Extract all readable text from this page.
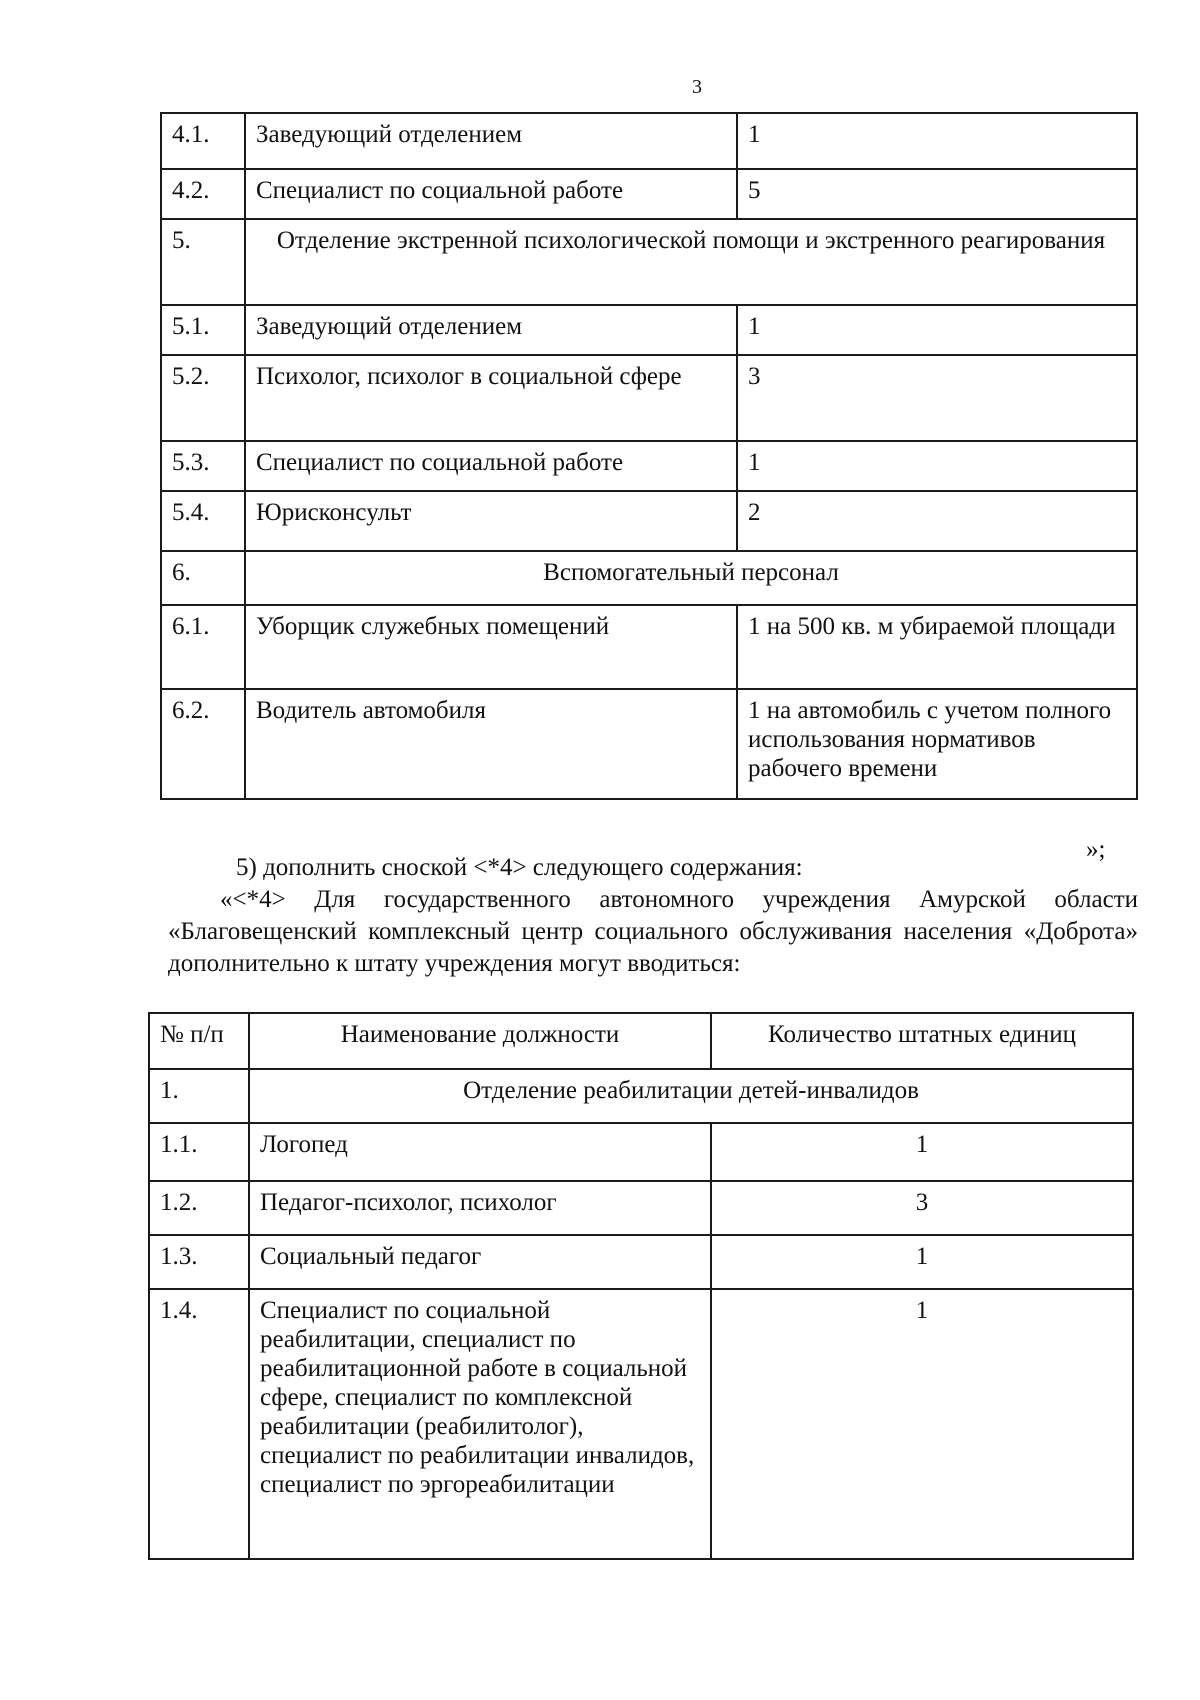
3
4.1.	Заведующий отделением	1
4.2.	Специалист по социальной работе	5
5.	Отделение экстренной психологической помощи и экстренного реагирования	
5.1.	Заведующий отделением	1
5.2.	Психолог, психолог в социальной сфере	3
5.3.	Специалист по социальной работе	1
5.4.	Юрисконсульт	2
6.	Вспомогательный персонал	
6.1.	Уборщик служебных помещений	1 на 500 кв. м убираемой площади
6.2.	Водитель автомобиля	1 на автомобиль с учетом полного использования нормативов рабочего времени
»;
5) дополнить сноской <*4> следующего содержания:
«<*4> Для государственного автономного учреждения Амурской области «Благовещенский комплексный центр социального обслуживания населения «Доброта» дополнительно к штату учреждения могут вводиться:
№ п/п	Наименование должности	Количество штатных единиц
1.	Отделение реабилитации детей-инвалидов	
1.1.	Логопед	1
1.2.	Педагог-психолог, психолог	3
1.3.	Социальный педагог	1
1.4.	Специалист по социальной реабилитации, специалист по реабилитационной работе в социальной сфере, специалист по комплексной реабилитации (реабилитолог), специалист по реабилитации инвалидов, специалист по эргореабилитации	1
